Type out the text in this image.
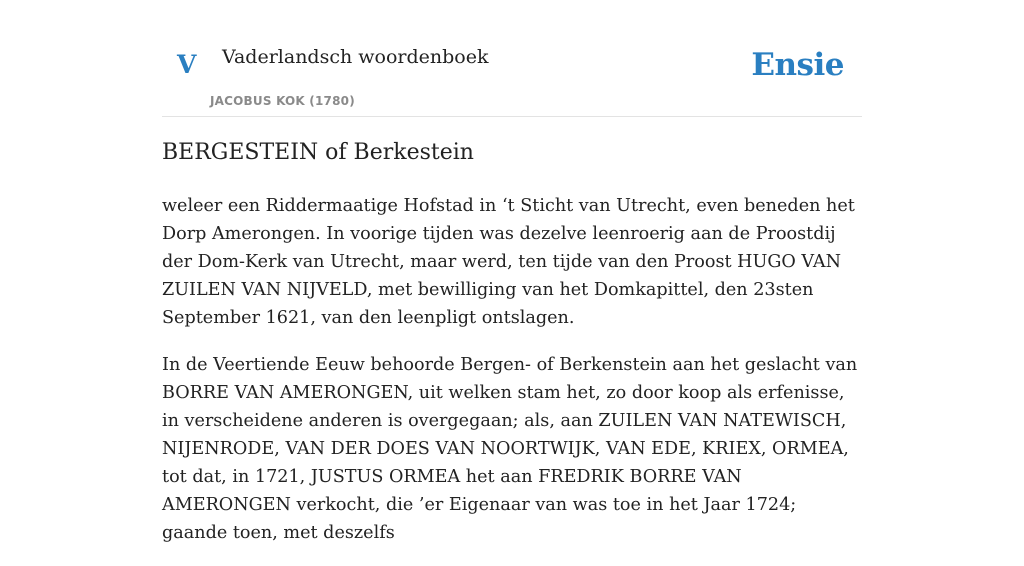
V Vaderlandsch woordenboek
JACOBUS KOK (1780)
Ensie
BERGESTEIN of Berkestein

weleer een Riddermaatige Hofstad in ‘t Sticht van Utrecht, even beneden het Dorp Amerongen. In voorige tijden was dezelve leenroerig aan de Proostdij der Dom-Kerk van Utrecht, maar werd, ten tijde van den Proost HUGO VAN ZUILEN VAN NIJVELD, met bewilliging van het Domkapittel, den 23sten September 1621, van den leenpligt ontslagen.

In de Veertiende Eeuw behoorde Bergen- of Berkenstein aan het geslacht van BORRE VAN AMERONGEN, uit welken stam het, zo door koop als erfenisse, in verscheidene anderen is overgegaan; als, aan ZUILEN VAN NATEWISCH, NIJENRODE, VAN DER DOES VAN NOORTWIJK, VAN EDE, KRIEX, ORMEA, tot dat, in 1721, JUSTUS ORMEA het aan FREDRIK BORRE VAN AMERONGEN verkocht, die ’er Eigenaar van was toe in het Jaar 1724; gaande toen, met deszelfs
